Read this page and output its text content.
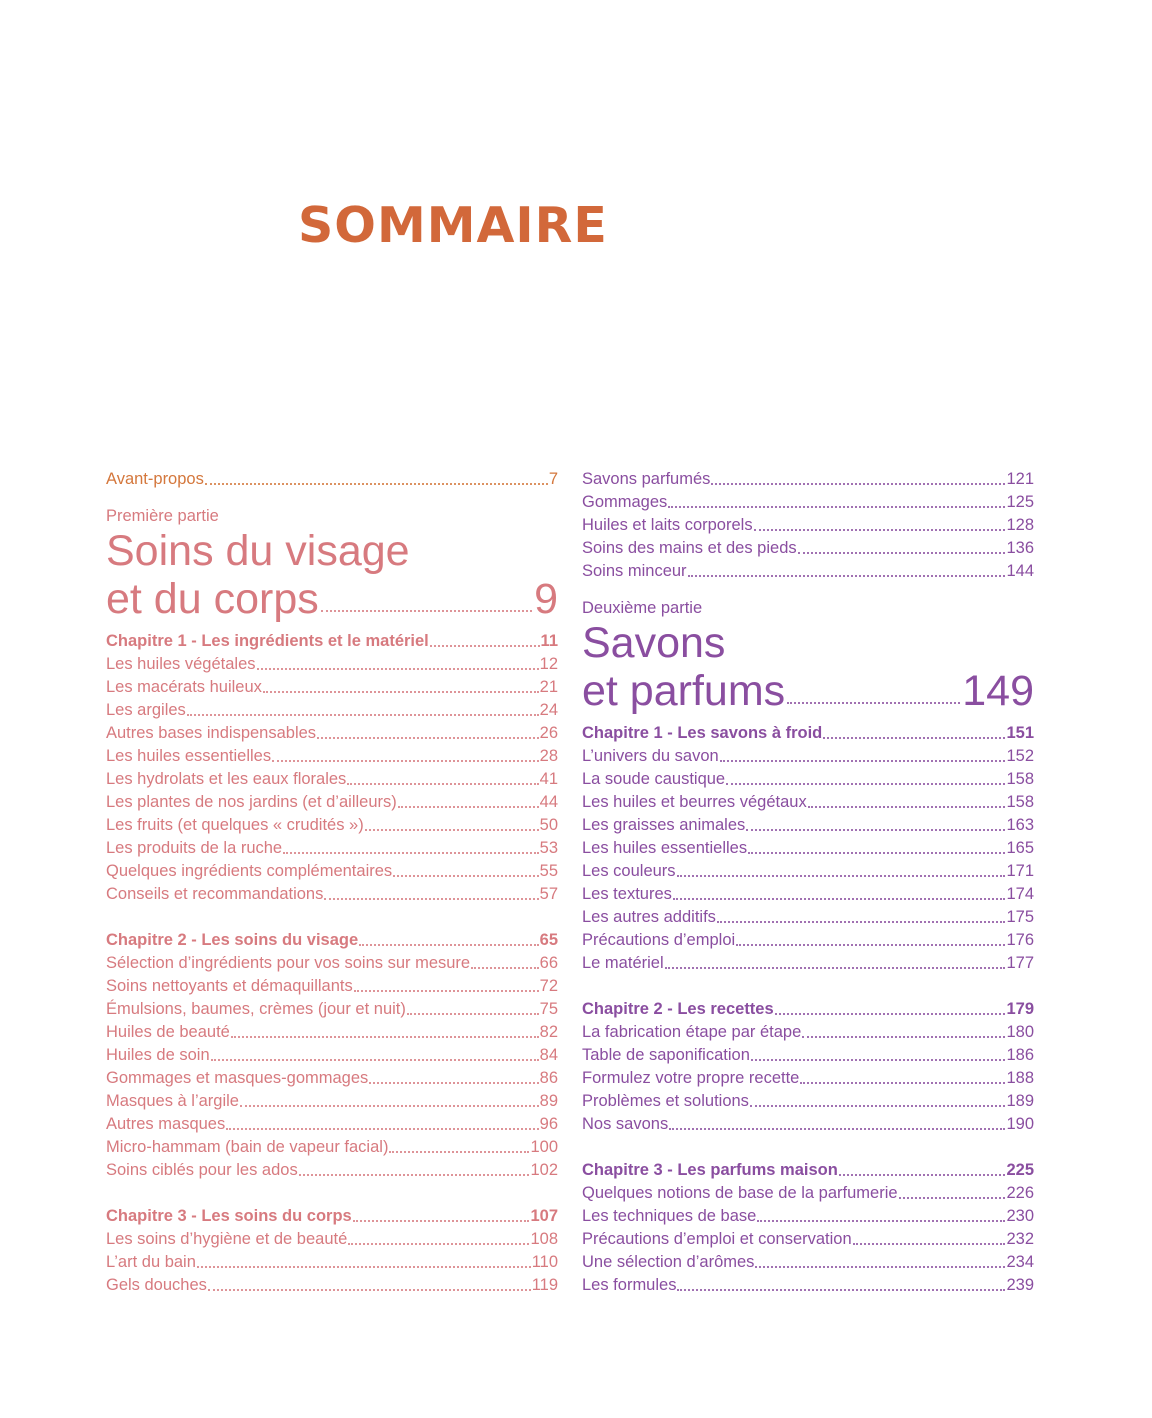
SOMMAIRE
Avant-propos	7
Première partie
Soins du visage
et du corps	9
Chapitre 1 - Les ingrédients et le matériel	11
Les huiles végétales	12
Les macérats huileux	21
Les argiles	24
Autres bases indispensables	26
Les huiles essentielles	28
Les hydrolats et les eaux florales	41
Les plantes de nos jardins (et d’ailleurs)	44
Les fruits (et quelques « crudités »)	50
Les produits de la ruche	53
Quelques ingrédients complémentaires	55
Conseils et recommandations	57
Chapitre 2 - Les soins du visage	65
Sélection d’ingrédients pour vos soins sur mesure	66
Soins nettoyants et démaquillants	72
Émulsions, baumes, crèmes (jour et nuit)	75
Huiles de beauté	82
Huiles de soin	84
Gommages et masques-gommages	86
Masques à l’argile	89
Autres masques	96
Micro-hammam (bain de vapeur facial)	100
Soins ciblés pour les ados	102
Chapitre 3 - Les soins du corps	107
Les soins d’hygiène et de beauté	108
L’art du bain	110
Gels douches	119
Savons parfumés	121
Gommages	125
Huiles et laits corporels	128
Soins des mains et des pieds	136
Soins minceur	144
Deuxième partie
Savons
et parfums	149
Chapitre 1 - Les savons à froid	151
L’univers du savon	152
La soude caustique	158
Les huiles et beurres végétaux	158
Les graisses animales	163
Les huiles essentielles	165
Les couleurs	171
Les textures	174
Les autres additifs	175
Précautions d’emploi	176
Le matériel	177
Chapitre 2 - Les recettes	179
La fabrication étape par étape	180
Table de saponification	186
Formulez votre propre recette	188
Problèmes et solutions	189
Nos savons	190
Chapitre 3 - Les parfums maison	225
Quelques notions de base de la parfumerie	226
Les techniques de base	230
Précautions d’emploi et conservation	232
Une sélection d’arômes	234
Les formules	239
